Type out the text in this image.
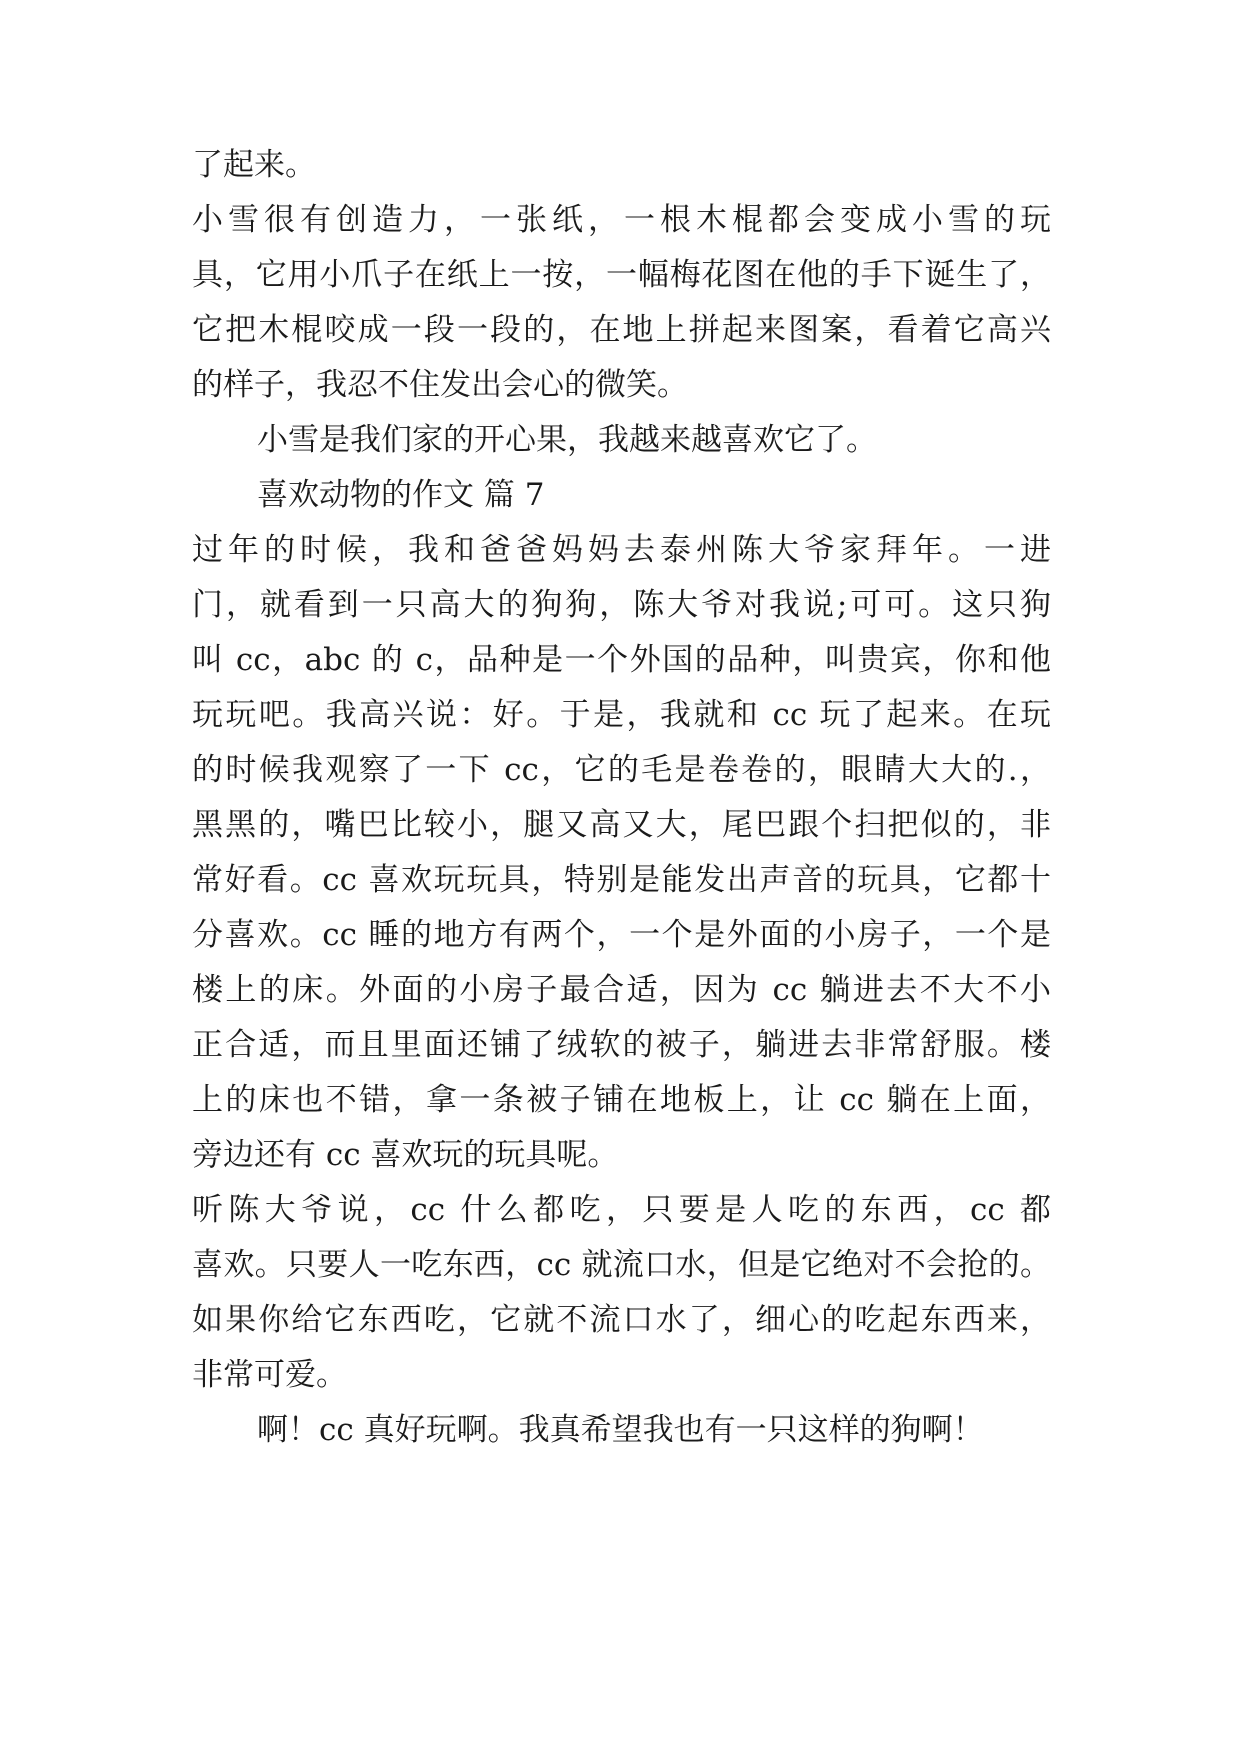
了起来。

小雪很有创造力，一张纸，一根木棍都会变成小雪的玩

具，它用小爪子在纸上一按，一幅梅花图在他的手下诞生了，

它把木棍咬成一段一段的，在地上拼起来图案，看着它高兴

的样子，我忍不住发出会心的微笑。

小雪是我们家的开心果，我越来越喜欢它了。

喜欢动物的作文 篇 7

过年的时候，我和爸爸妈妈去泰州陈大爷家拜年。一进

门，就看到一只高大的狗狗，陈大爷对我说;可可。这只狗

叫 cc，abc 的 c，品种是一个外国的品种，叫贵宾，你和他

玩玩吧。我高兴说：好。于是，我就和 cc 玩了起来。在玩

的时候我观察了一下 cc，它的毛是卷卷的，眼睛大大的.，

黑黑的，嘴巴比较小，腿又高又大，尾巴跟个扫把似的，非

常好看。cc 喜欢玩玩具，特别是能发出声音的玩具，它都十

分喜欢。cc 睡的地方有两个，一个是外面的小房子，一个是

楼上的床。外面的小房子最合适，因为 cc 躺进去不大不小

正合适，而且里面还铺了绒软的被子，躺进去非常舒服。楼

上的床也不错，拿一条被子铺在地板上，让 cc 躺在上面，

旁边还有 cc 喜欢玩的玩具呢。

听陈大爷说，cc 什么都吃，只要是人吃的东西，cc 都

喜欢。只要人一吃东西，cc 就流口水，但是它绝对不会抢的。

如果你给它东西吃，它就不流口水了，细心的吃起东西来，

非常可爱。

啊！cc 真好玩啊。我真希望我也有一只这样的狗啊！
